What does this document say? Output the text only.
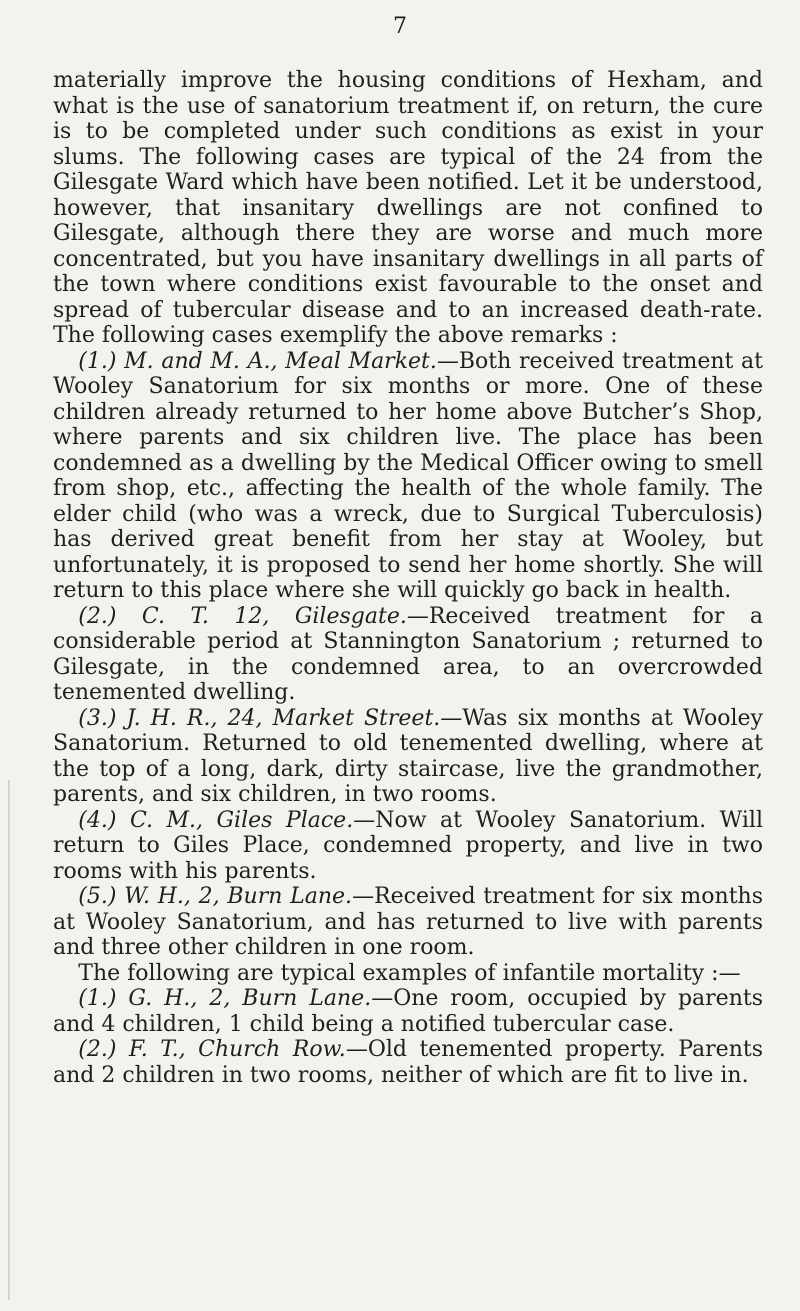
7

materially improve the housing conditions of Hexham, and what is the use of sanatorium treatment if, on return, the cure is to be completed under such conditions as exist in your slums. The following cases are typical of the 24 from the Gilesgate Ward which have been notified. Let it be understood, however, that insanitary dwellings are not confined to Gilesgate, although there they are worse and much more concentrated, but you have insanitary dwellings in all parts of the town where conditions exist favourable to the onset and spread of tubercular disease and to an increased death-rate. The following cases exemplify the above remarks :

(1.) M. and M. A., Meal Market.—Both received treatment at Wooley Sanatorium for six months or more. One of these children already returned to her home above Butcher’s Shop, where parents and six children live. The place has been condemned as a dwelling by the Medical Officer owing to smell from shop, etc., affecting the health of the whole family. The elder child (who was a wreck, due to Surgical Tuberculosis) has derived great benefit from her stay at Wooley, but unfortunately, it is proposed to send her home shortly. She will return to this place where she will quickly go back in health.

(2.) C. T. 12, Gilesgate.—Received treatment for a considerable period at Stannington Sanatorium ; returned to Gilesgate, in the condemned area, to an overcrowded tenemented dwelling.

(3.) J. H. R., 24, Market Street.—Was six months at Wooley Sanatorium. Returned to old tenemented dwelling, where at the top of a long, dark, dirty staircase, live the grandmother, parents, and six children, in two rooms.

(4.) C. M., Giles Place.—Now at Wooley Sanatorium. Will return to Giles Place, condemned property, and live in two rooms with his parents.

(5.) W. H., 2, Burn Lane.—Received treatment for six months at Wooley Sanatorium, and has returned to live with parents and three other children in one room.

The following are typical examples of infantile mortality :—

(1.) G. H., 2, Burn Lane.—One room, occupied by parents and 4 children, 1 child being a notified tubercular case.

(2.) F. T., Church Row.—Old tenemented property. Parents and 2 children in two rooms, neither of which are fit to live in.
